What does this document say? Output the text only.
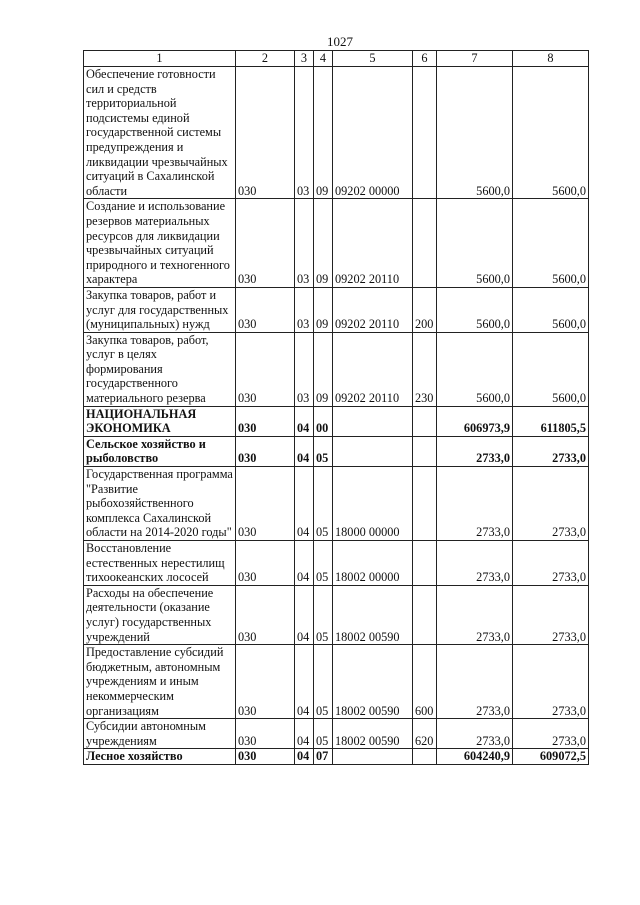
1027
1	2	3	4	5	6	7	8
Обеспечение готовности сил и средств территориальной подсистемы единой государственной системы предупреждения и ликвидации чрезвычайных ситуаций в Сахалинской области	030	03	09	09202 00000		5600,0	5600,0
Создание и использование резервов материальных ресурсов для ликвидации чрезвычайных ситуаций природного и техногенного характера	030	03	09	09202 20110		5600,0	5600,0
Закупка товаров, работ и услуг для государственных (муниципальных) нужд	030	03	09	09202 20110	200	5600,0	5600,0
Закупка товаров, работ, услуг в целях формирования государственного материального резерва	030	03	09	09202 20110	230	5600,0	5600,0
НАЦИОНАЛЬНАЯ ЭКОНОМИКА	030	04	00			606973,9	611805,5
Сельское хозяйство и рыболовство	030	04	05			2733,0	2733,0
Государственная программа "Развитие рыбохозяйственного комплекса Сахалинской области на 2014-2020 годы"	030	04	05	18000 00000		2733,0	2733,0
Восстановление естественных нерестилищ тихоокеанских лососей	030	04	05	18002 00000		2733,0	2733,0
Расходы на обеспечение деятельности (оказание услуг) государственных учреждений	030	04	05	18002 00590		2733,0	2733,0
Предоставление субсидий бюджетным, автономным учреждениям и иным некоммерческим организациям	030	04	05	18002 00590	600	2733,0	2733,0
Субсидии автономным учреждениям	030	04	05	18002 00590	620	2733,0	2733,0
Лесное хозяйство	030	04	07			604240,9	609072,5
